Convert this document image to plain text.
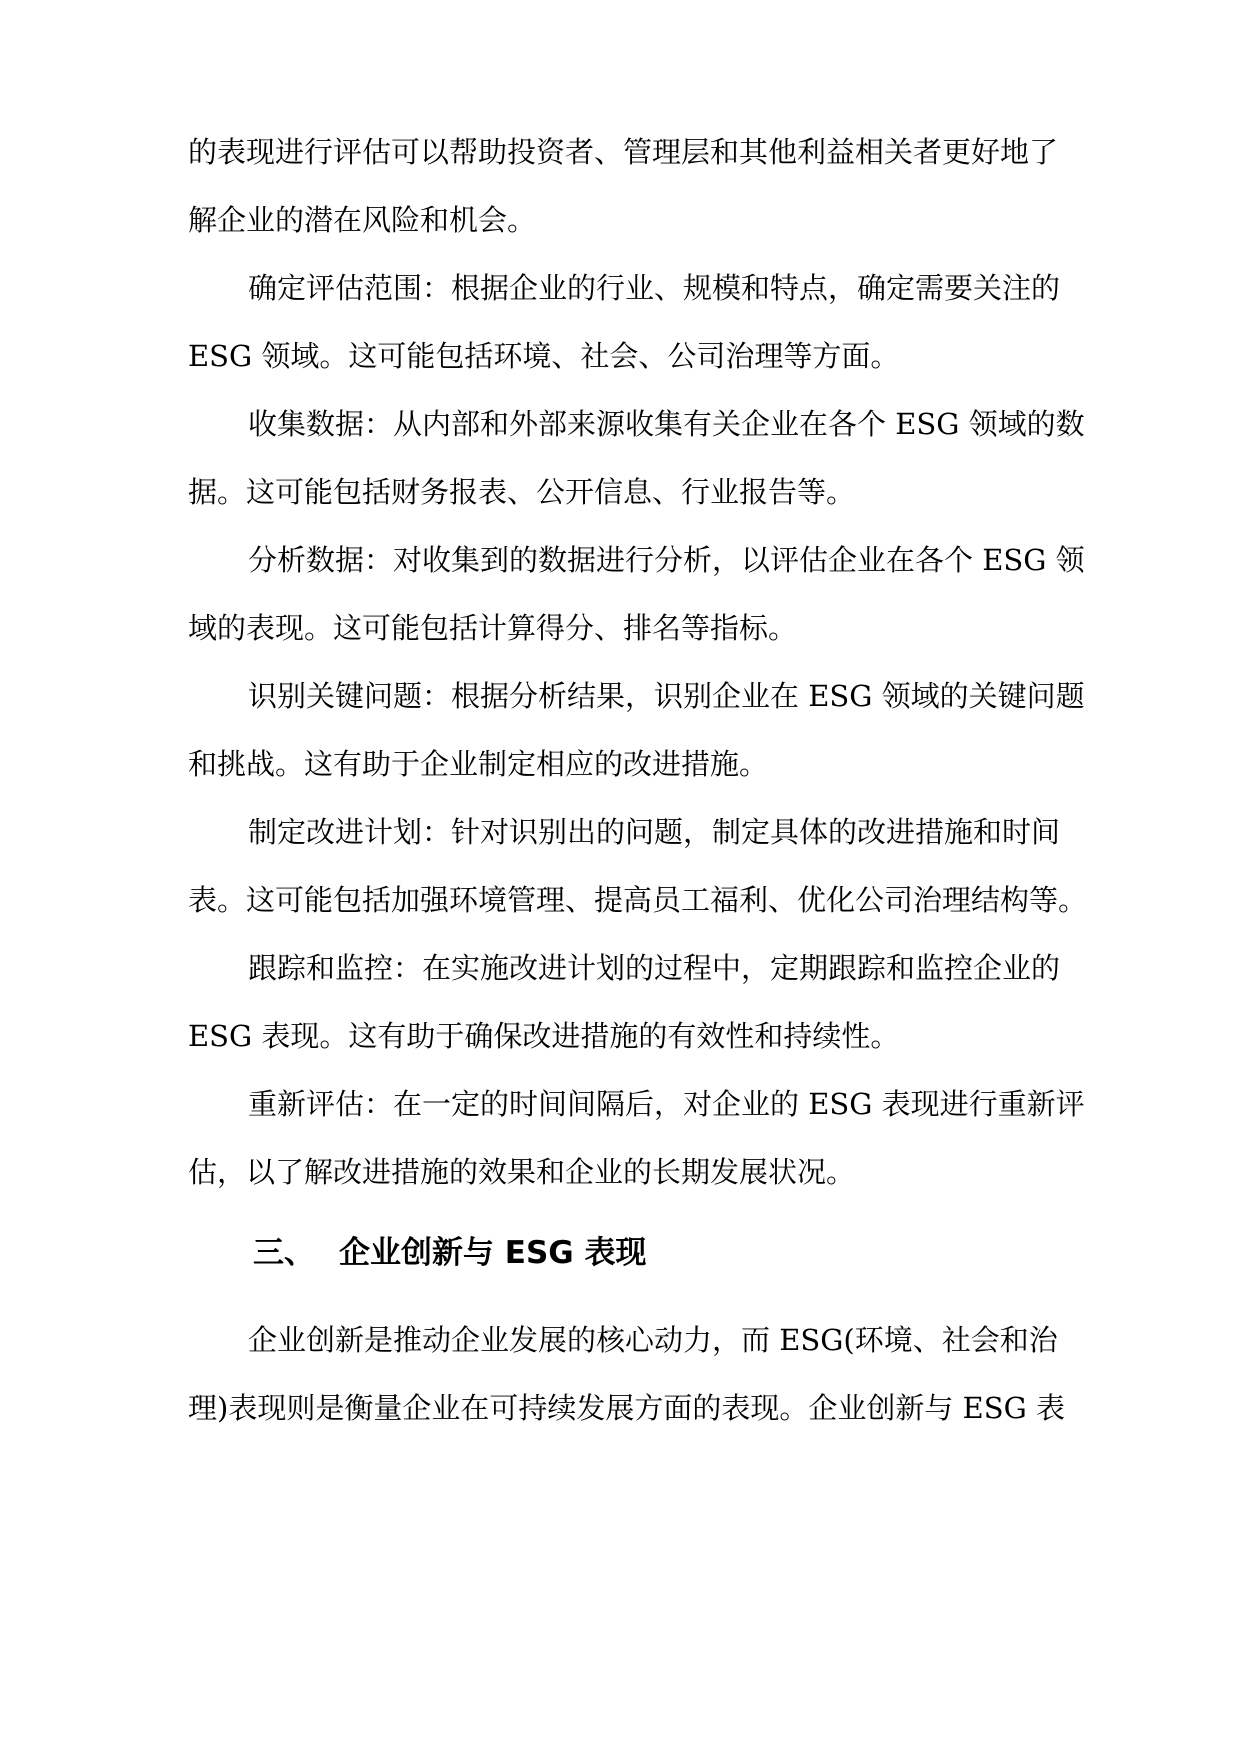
的表现进行评估可以帮助投资者、管理层和其他利益相关者更好地了
解企业的潜在风险和机会。
确定评估范围：根据企业的行业、规模和特点，确定需要关注的
ESG 领域。这可能包括环境、社会、公司治理等方面。
收集数据：从内部和外部来源收集有关企业在各个 ESG 领域的数
据。这可能包括财务报表、公开信息、行业报告等。
分析数据：对收集到的数据进行分析，以评估企业在各个 ESG 领
域的表现。这可能包括计算得分、排名等指标。
识别关键问题：根据分析结果，识别企业在 ESG 领域的关键问题
和挑战。这有助于企业制定相应的改进措施。
制定改进计划：针对识别出的问题，制定具体的改进措施和时间
表。这可能包括加强环境管理、提高员工福利、优化公司治理结构等。
跟踪和监控：在实施改进计划的过程中，定期跟踪和监控企业的
ESG 表现。这有助于确保改进措施的有效性和持续性。
重新评估：在一定的时间间隔后，对企业的 ESG 表现进行重新评
估，以了解改进措施的效果和企业的长期发展状况。
三、 企业创新与 ESG 表现
企业创新是推动企业发展的核心动力，而 ESG(环境、社会和治
理)表现则是衡量企业在可持续发展方面的表现。企业创新与 ESG 表
